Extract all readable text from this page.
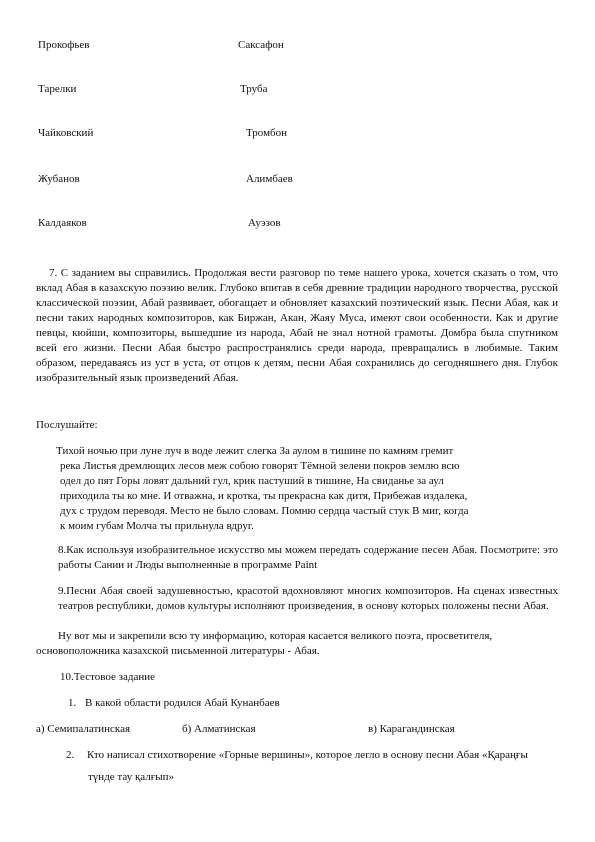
Прокофьев	Саксафон
Тарелки	Труба
Чайковский	Тромбон
Жубанов	Алимбаев
Калдаяков	Ауэзов
7. С заданием вы справились. Продолжая вести разговор по теме нашего урока, хочется сказать о том, что вклад Абая в казахскую поэзию велик. Глубоко впитав в себя древние традиции народного творчества, русской классической поэзии, Абай развивает, обогащает и обновляет казахский поэтический язык. Песни Абая, как и песни таких народных композиторов, как Биржан, Акан, Жаяу Муса, имеют свои особенности. Как и другие певцы, кюйши, композиторы, вышедшие из народа, Абай не знал нотной грамоты. Домбра была спутником всей его жизни. Песни Абая быстро распространялись среди народа, превращались в любимые. Таким образом, передаваясь из уст в уста, от отцов к детям, песни Абая сохранились до сегодняшнего дня. Глубок изобразительный язык произведений Абая.
Послушайте:
Тихой ночью при луне луч в воде лежит слегка За аулом в тишине по камням гремит
река Листья дремлющих лесов меж собою говорят Тёмной зелени покров землю всю
одел до пят Горы ловят дальний гул, крик пастуший в тишине, На свиданье за аул
приходила ты ко мне. И отважна, и кротка, ты прекрасна как дитя, Прибежав издалека,
дух с трудом переводя. Место не было словам. Помню сердца частый стук В миг, когда
к моим губам Молча ты прильнула вдруг.
8.Как используя изобразительное искусство мы можем передать содержание песен Абая. Посмотрите: это работы Сании и Люды выполненные в программе Paint
9.Песни Абая своей задушевностью, красотой вдохновляют многих композиторов. На сценах известных театров республики, домов культуры исполняют произведения, в основу которых положены песни Абая.
Ну вот мы и закрепили всю ту информацию, которая касается великого поэта, просветителя,
основоположника казахской письменной литературы - Абая.
10.Тестовое задание
1. В какой области родился Абай Кунанбаев
а) Семипалатинская	б) Алматинская	в) Карагандинская
2. Кто написал стихотворение «Горные вершины», которое легло в основу песни Абая «Қараңғы
түнде тау қалғып»
